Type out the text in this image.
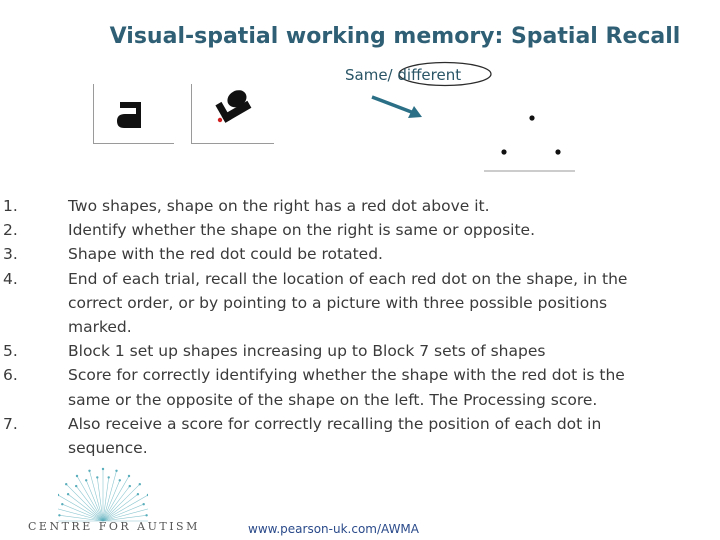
Visual-spatial working memory: Spatial Recall
Same/ different
1.	Two shapes, shape on the right has a red dot above it.
2.	Identify whether the shape on the right is same or opposite.
3.	Shape with the red dot could be rotated.
4.	End of each trial, recall the location of each red dot on the shape, in the correct order, or by pointing to a picture with three possible positions marked.
5.	Block 1 set up shapes increasing up to Block 7 sets of shapes
6.	Score for correctly identifying whether the shape with the red dot is the same or the opposite of the shape on the left. The Processing score.
7.	Also receive a score for correctly recalling the position of each dot in sequence.
CENTRE FOR AUTISM	www.pearson-uk.com/AWMA
